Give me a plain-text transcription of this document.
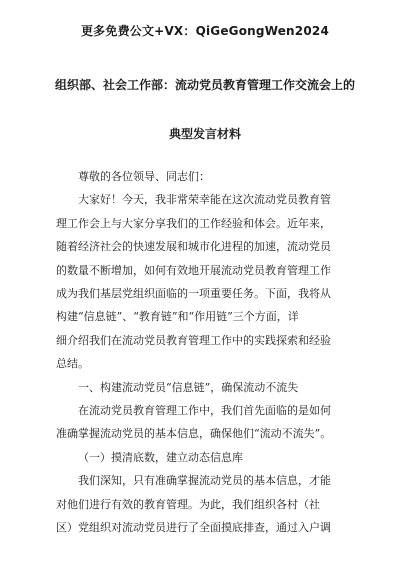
更多免费公文+VX：QiGeGongWen2024
组织部、社会工作部：流动党员教育管理工作交流会上的
典型发言材料

尊敬的各位领导、同志们：

大家好！今天，我非常荣幸能在这次流动党员教育管
理工作会上与大家分享我们的工作经验和体会。近年来，
随着经济社会的快速发展和城市化进程的加速，流动党员
的数量不断增加，如何有效地开展流动党员教育管理工作
成为我们基层党组织面临的一项重要任务。下面，我将从
构建“信息链”、“教育链”和“作用链”三个方面，详
细介绍我们在流动党员教育管理工作中的实践探索和经验
总结。

一、构建流动党员“信息链”，确保流动不流失

在流动党员教育管理工作中，我们首先面临的是如何
准确掌握流动党员的基本信息，确保他们“流动不流失”。

（一）摸清底数，建立动态信息库

我们深知，只有准确掌握流动党员的基本信息，才能
对他们进行有效的教育管理。为此，我们组织各村（社
区）党组织对流动党员进行了全面摸底排查，通过入户调
